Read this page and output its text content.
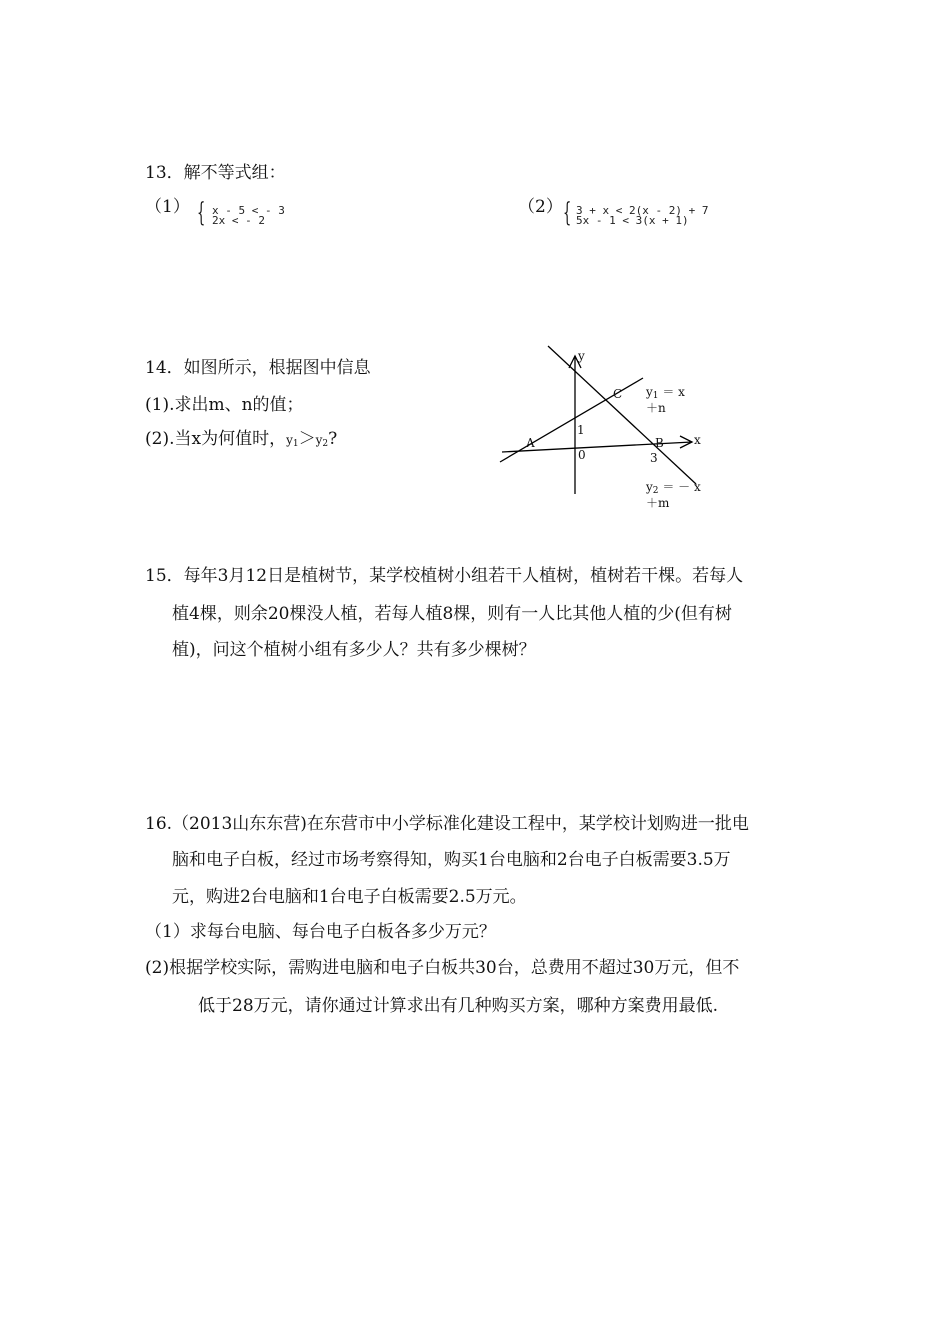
13．解不等式组：
（1） { x - 5 < - 3
2x < - 2
（2） { 3 + x < 2(x - 2) + 7
5x - 1 < 3(x + 1)
14．如图所示，根据图中信息
(1).求出m、n的值；
(2).当x为何值时，$y_1>y_2$?
y
x
A	B
C
0
1
3
$y_1 = x$
＋n
$y_2$ ＝ － x
＋m
15．每年3月12日是植树节，某学校植树小组若干人植树，植树若干棵。若每人
植4棵，则余20棵没人植，若每人植8棵，则有一人比其他人植的少(但有树
植)，问这个植树小组有多少人？共有多少棵树？
16.（2013山东东营)在东营市中小学标准化建设工程中，某学校计划购进一批电
脑和电子白板，经过市场考察得知，购买1台电脑和2台电子白板需要3.5万
元，购进2台电脑和1台电子白板需要2.5万元。
（1）求每台电脑、每台电子白板各多少万元？
(2)根据学校实际，需购进电脑和电子白板共30台，总费用不超过30万元，但不
低于28万元，请你通过计算求出有几种购买方案，哪种方案费用最低.
